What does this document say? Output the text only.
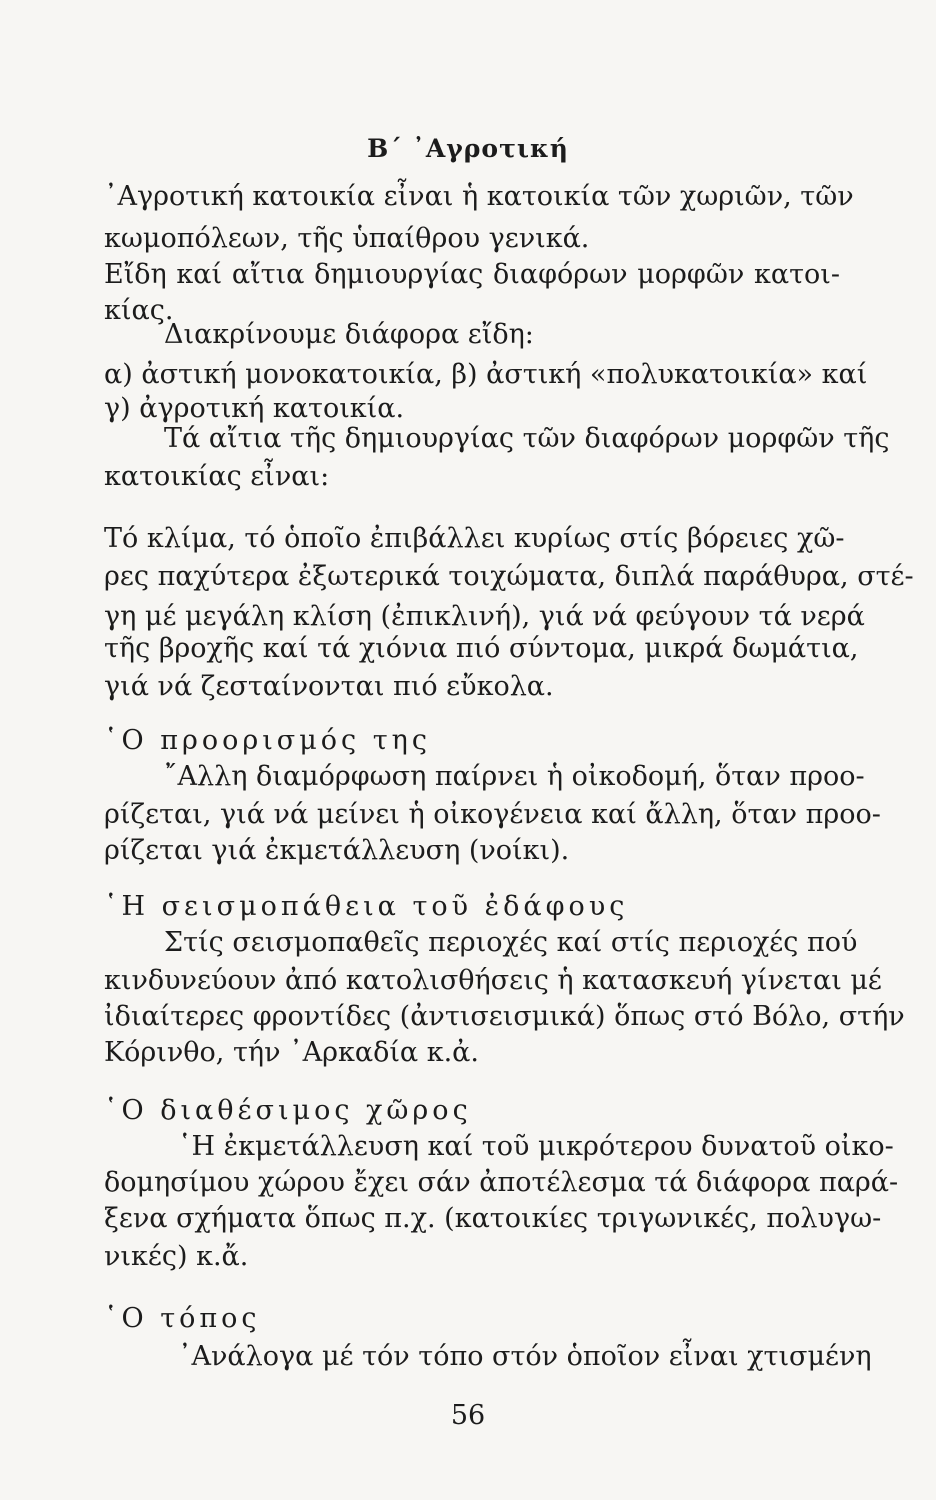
Β΄ ᾿Αγροτική
᾿Αγροτική κατοικία εἶναι ἡ κατοικία τῶν χωριῶν, τῶν
κωμοπόλεων, τῆς ὑπαίθρου γενικά.
Εἴδη καί αἴτια δημιουργίας διαφόρων μορφῶν κατοι-
κίας.
Διακρίνουμε διάφορα εἴδη:
α) ἀστική μονοκατοικία, β) ἀστική «πολυκατοικία» καί
γ) ἀγροτική κατοικία.
Τά αἴτια τῆς δημιουργίας τῶν διαφόρων μορφῶν τῆς
κατοικίας εἶναι:
Τό κλίμα, τό ὁποῖο ἐπιβάλλει κυρίως στίς βόρειες χῶ-
ρες παχύτερα ἐξωτερικά τοιχώματα, διπλά παράθυρα, στέ-
γη μέ μεγάλη κλίση (ἐπικλινή), γιά νά φεύγουν τά νερά
τῆς βροχῆς καί τά χιόνια πιό σύντομα, μικρά δωμάτια,
γιά νά ζεσταίνονται πιό εὔκολα.
῾Ο προορισμός της
῎Αλλη διαμόρφωση παίρνει ἡ οἰκοδομή, ὅταν προο-
ρίζεται, γιά νά μείνει ἡ οἰκογένεια καί ἄλλη, ὅταν προο-
ρίζεται γιά ἐκμετάλλευση (νοίκι).
῾Η σεισμοπάθεια τοῦ ἐδάφους
Στίς σεισμοπαθεῖς περιοχές καί στίς περιοχές πού
κινδυνεύουν ἀπό κατολισθήσεις ἡ κατασκευή γίνεται μέ
ἰδιαίτερες φροντίδες (ἀντισεισμικά) ὅπως στό Βόλο, στήν
Κόρινθο, τήν ᾿Αρκαδία κ.ἀ.
῾Ο διαθέσιμος χῶρος
῾Η ἐκμετάλλευση καί τοῦ μικρότερου δυνατοῦ οἰκο-
δομησίμου χώρου ἔχει σάν ἀποτέλεσμα τά διάφορα παρά-
ξενα σχήματα ὅπως π.χ. (κατοικίες τριγωνικές, πολυγω-
νικές) κ.ἄ.
῾Ο τόπος
᾿Ανάλογα μέ τόν τόπο στόν ὁποῖον εἶναι χτισμένη
56
